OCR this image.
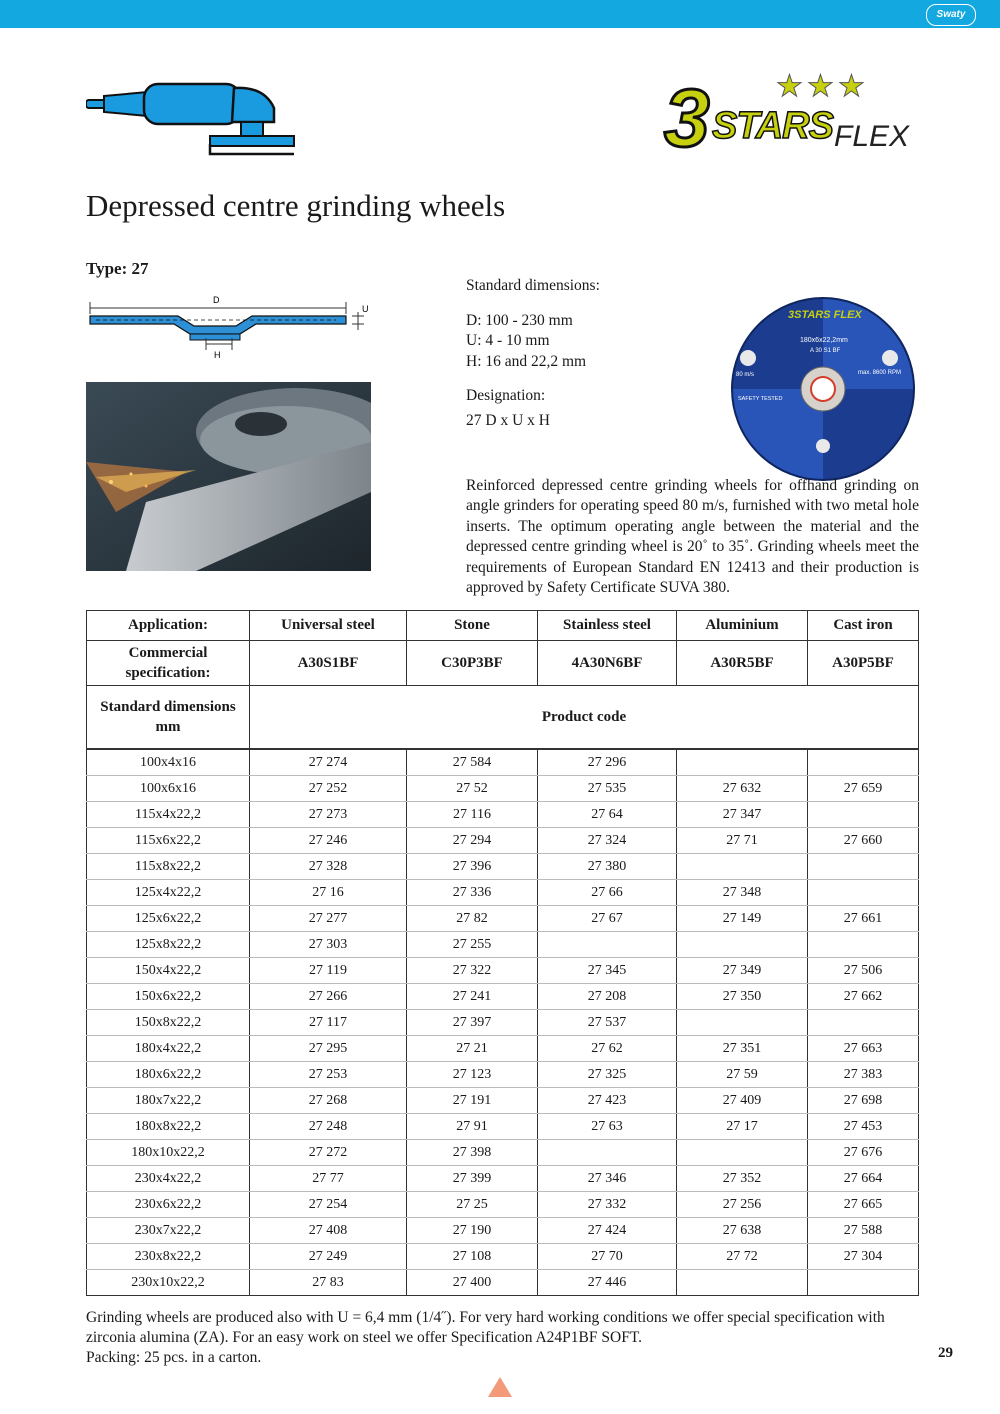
Swaty
★ ★ ★
3 STARS FLEX
Depressed centre grinding wheels
Type: 27
D
H
U

Standard dimensions:

D: 100 - 230 mm

U: 4 - 10 mm

H: 16 and 22,2 mm

Designation:

27 D x U x H

3STARS FLEX
180x6x22,2mm
A 30 S1 BF
80 m/s	max. 8600 RPM
SAFETY TESTED
Reinforced depressed centre grinding wheels for offhand grinding on angle grinders for operating speed 80 m/s, furnished with two metal hole inserts. The optimum operating angle between the material and the depressed centre grinding wheel is 20˚ to 35˚. Grinding wheels meet the requirements of European Standard EN 12413 and their production is approved by Safety Certificate SUVA 380.
Application:	Universal steel	Stone	Stainless steel	Aluminium	Cast iron
Commercial specification:	A30S1BF	C30P3BF	4A30N6BF	A30R5BF	A30P5BF
Standard dimensions mm	Product code				
100x4x16	27 274	27 584	27 296		
100x6x16	27 252	27 52	27 535	27 632	27 659
115x4x22,2	27 273	27 116	27 64	27 347	
115x6x22,2	27 246	27 294	27 324	27 71	27 660
115x8x22,2	27 328	27 396	27 380		
125x4x22,2	27 16	27 336	27 66	27 348	
125x6x22,2	27 277	27 82	27 67	27 149	27 661
125x8x22,2	27 303	27 255			
150x4x22,2	27 119	27 322	27 345	27 349	27 506
150x6x22,2	27 266	27 241	27 208	27 350	27 662
150x8x22,2	27 117	27 397	27 537		
180x4x22,2	27 295	27 21	27 62	27 351	27 663
180x6x22,2	27 253	27 123	27 325	27 59	27 383
180x7x22,2	27 268	27 191	27 423	27 409	27 698
180x8x22,2	27 248	27 91	27 63	27 17	27 453
180x10x22,2	27 272	27 398			27 676
230x4x22,2	27 77	27 399	27 346	27 352	27 664
230x6x22,2	27 254	27 25	27 332	27 256	27 665
230x7x22,2	27 408	27 190	27 424	27 638	27 588
230x8x22,2	27 249	27 108	27 70	27 72	27 304
230x10x22,2	27 83	27 400	27 446		

Grinding wheels are produced also with U = 6,4 mm (1/4˝). For very hard working conditions we offer special specification with zirconia alumina (ZA). For an easy work on steel we offer Specification A24P1BF SOFT.

Packing: 25 pcs. in a carton.	29
